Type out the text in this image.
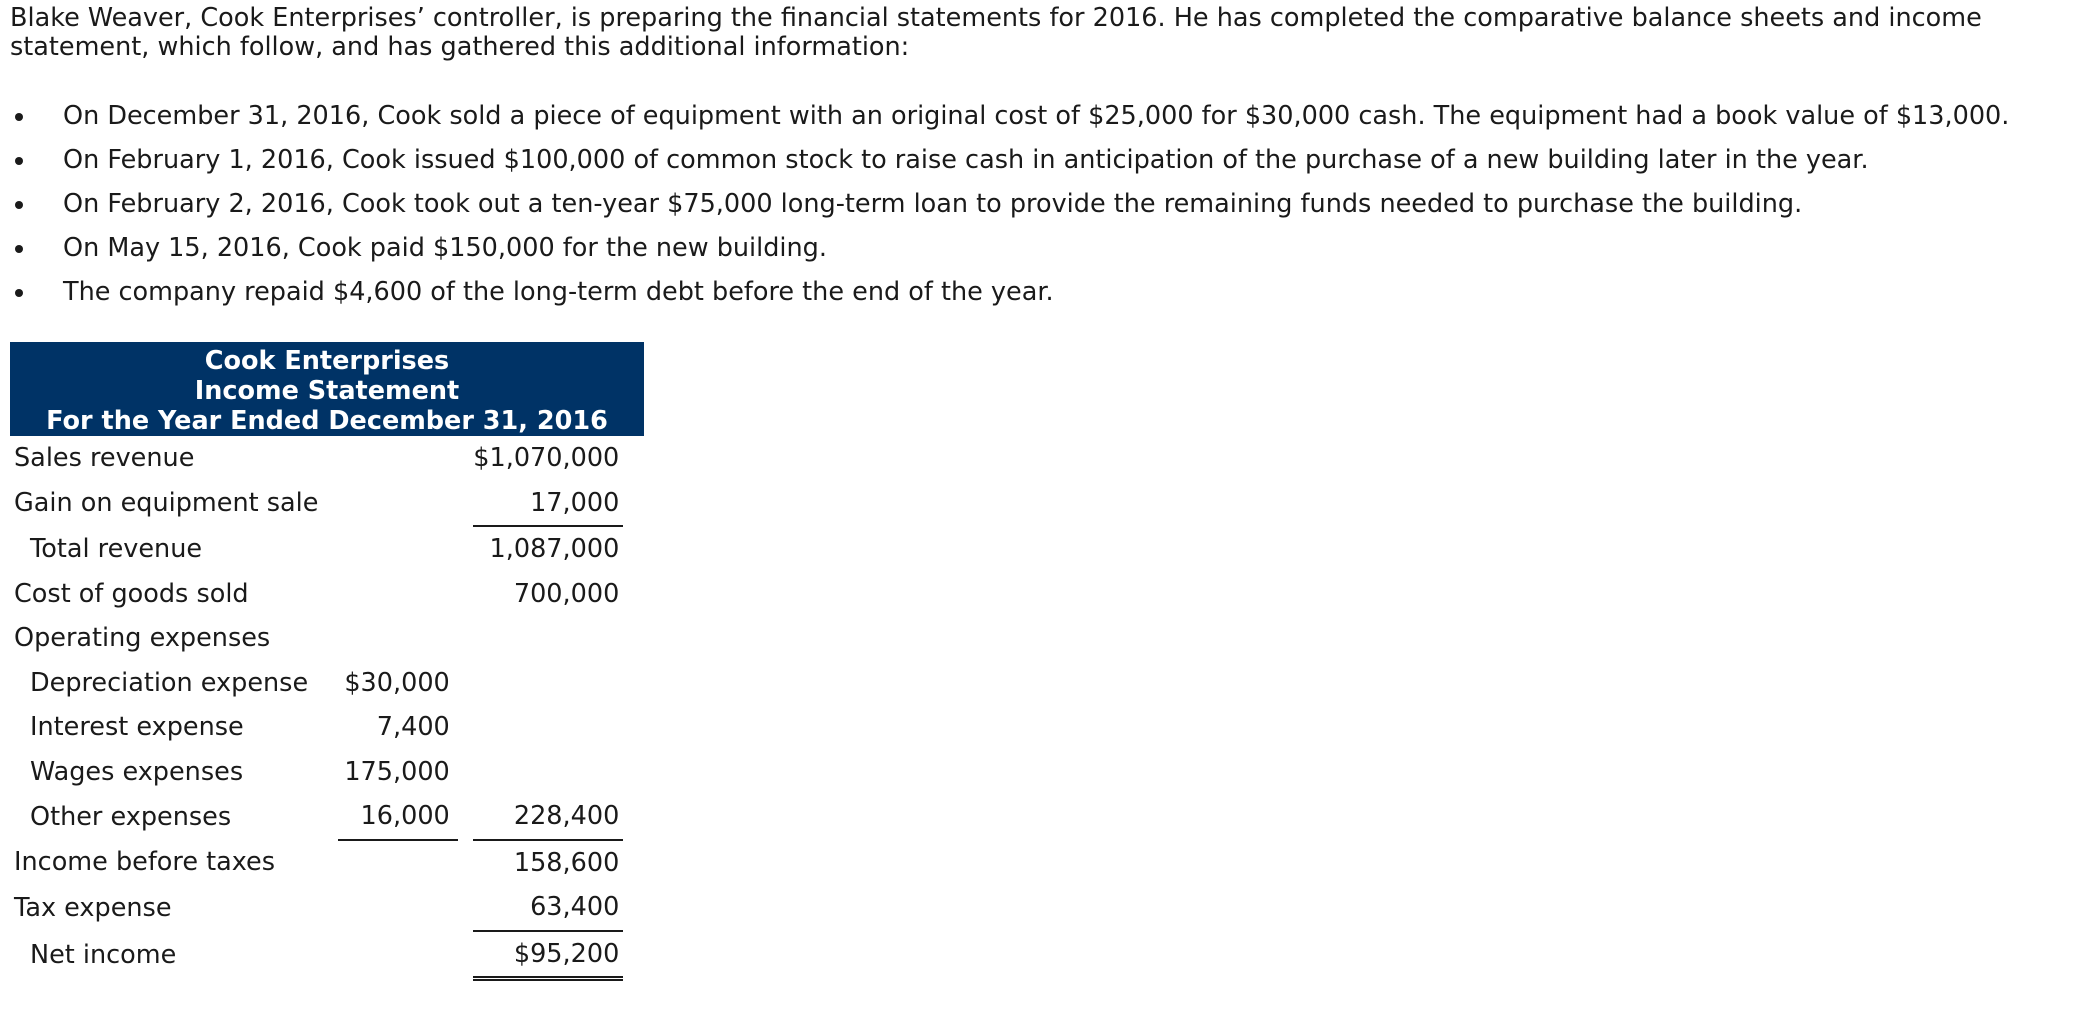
Blake Weaver, Cook Enterprises’ controller, is preparing the financial statements for 2016. He has completed the comparative balance sheets and income statement, which follow, and has gathered this additional information:

On December 31, 2016, Cook sold a piece of equipment with an original cost of $25,000 for $30,000 cash. The equipment had a book value of $13,000.
On February 1, 2016, Cook issued $100,000 of common stock to raise cash in anticipation of the purchase of a new building later in the year.
On February 2, 2016, Cook took out a ten-year $75,000 long-term loan to provide the remaining funds needed to purchase the building.
On May 15, 2016, Cook paid $150,000 for the new building.
The company repaid $4,600 of the long-term debt before the end of the year.
Cook Enterprises
Income Statement
For the Year Ended December 31, 2016
Sales revenue			$1,070,000	
Gain on equipment sale			17,000	
Total revenue			1,087,000	
Cost of goods sold			700,000	
Operating expenses				
Depreciation expense	$30,000			
Interest expense	7,400			
Wages expenses	175,000			
Other expenses	16,000		228,400	
Income before taxes			158,600	
Tax expense			63,400	
Net income			$95,200	
